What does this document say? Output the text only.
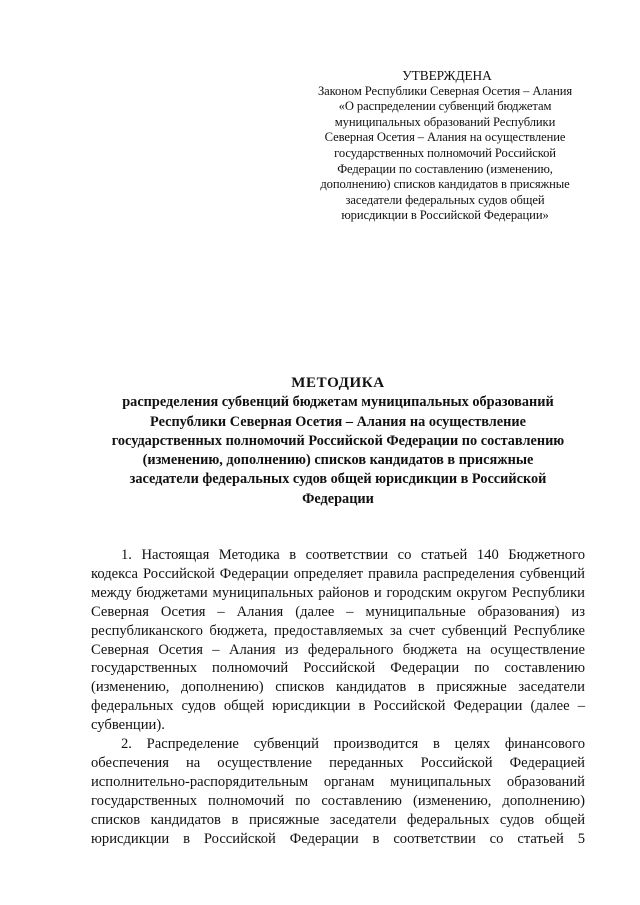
УТВЕРЖДЕНА
Законом Республики Северная Осетия – Алания
«О распределении субвенций бюджетам
муниципальных образований Республики
Северная Осетия – Алания на осуществление
государственных полномочий Российской
Федерации по составлению (изменению,
дополнению) списков кандидатов в присяжные
заседатели федеральных судов общей
юрисдикции в Российской Федерации»
МЕТОДИКА
распределения субвенций бюджетам муниципальных образований
Республики Северная Осетия – Алания на осуществление
государственных полномочий Российской Федерации по составлению
(изменению, дополнению) списков кандидатов в присяжные
заседатели федеральных судов общей юрисдикции в Российской
Федерации

1. Настоящая Методика в соответствии со статьей 140 Бюджетного кодекса Российской Федерации определяет правила распределения субвенций между бюджетами муниципальных районов и городским округом Республики Северная Осетия – Алания (далее – муниципальные образования) из республиканского бюджета, предоставляемых за счет субвенций Республике Северная Осетия – Алания из федерального бюджета на осуществление государственных полномочий Российской Федерации по составлению (изменению, дополнению) списков кандидатов в присяжные заседатели федеральных судов общей юрисдикции в Российской Федерации (далее – субвенции).

2. Распределение субвенций производится в целях финансового обеспечения на осуществление переданных Российской Федерацией исполнительно-распорядительным органам муниципальных образований государственных полномочий по составлению (изменению, дополнению) списков кандидатов в присяжные заседатели федеральных судов общей юрисдикции в Российской Федерации в соответствии со статьей 5
